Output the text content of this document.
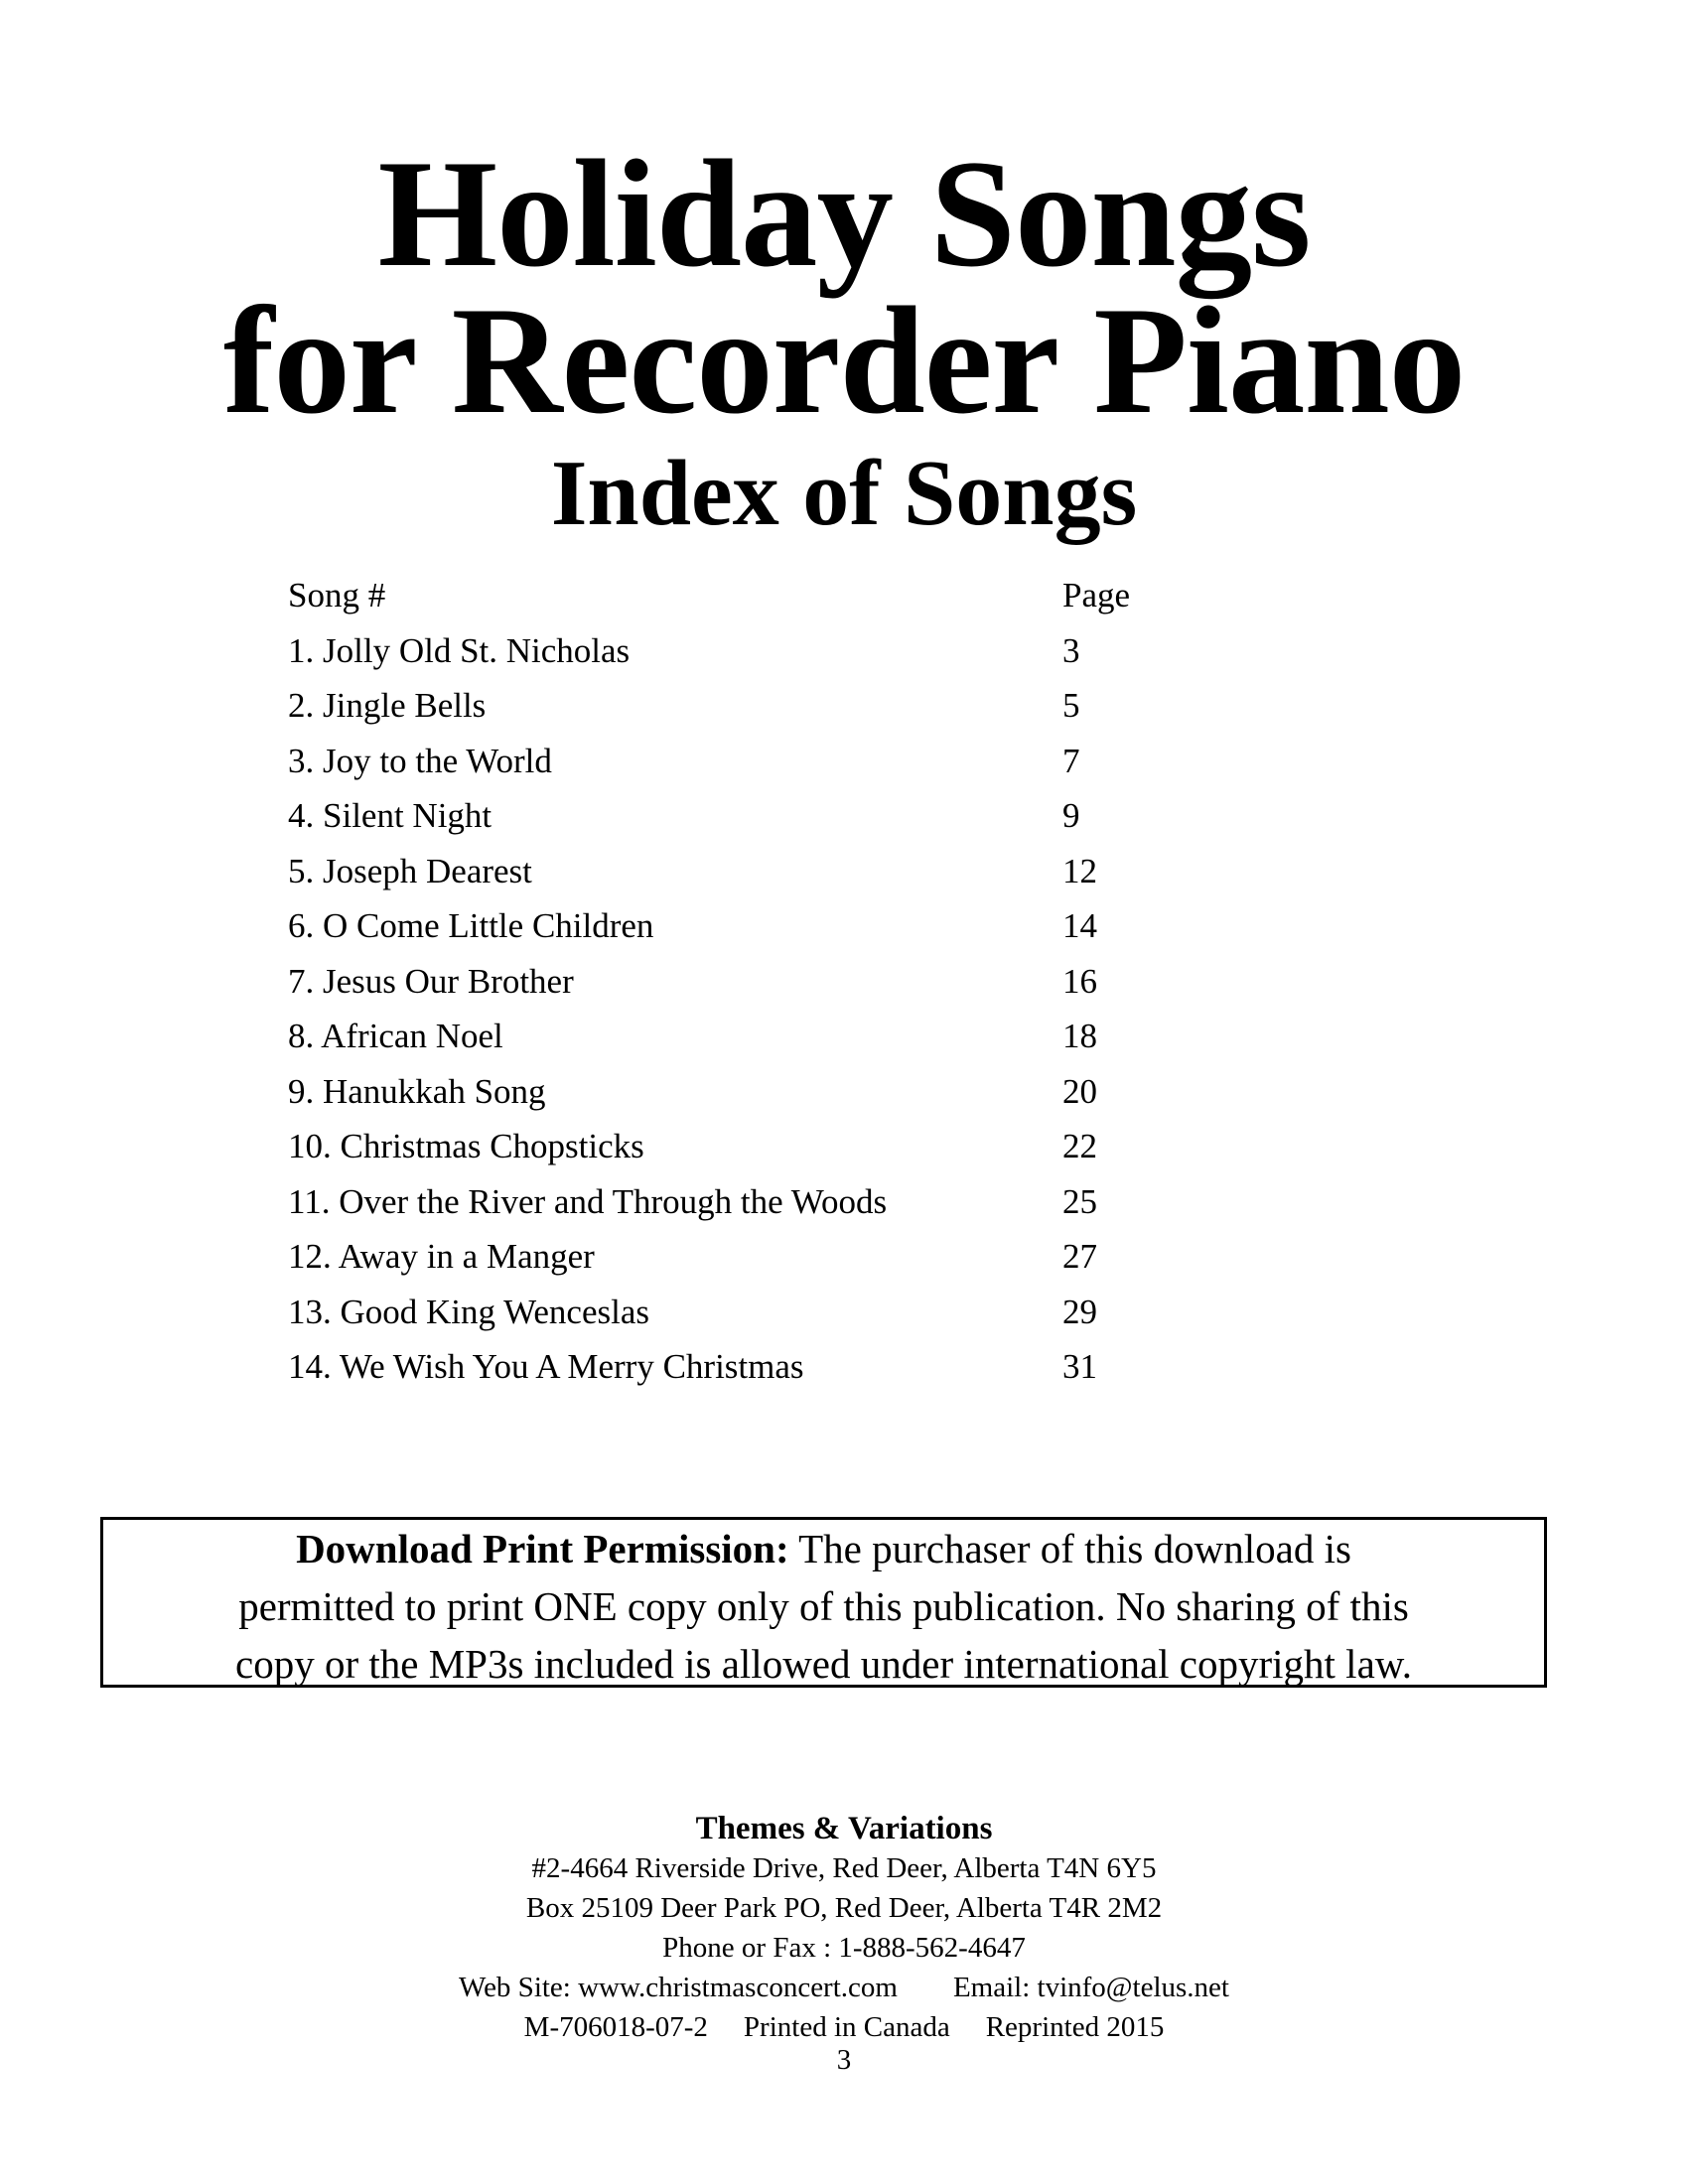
Holiday Songs
for Recorder Piano
Index of Songs
Song #	Page
1. Jolly Old St. Nicholas	3
2. Jingle Bells	5
3. Joy to the World	7
4. Silent Night	9
5. Joseph Dearest	12
6. O Come Little Children	14
7. Jesus Our Brother	16
8. African Noel	18
9. Hanukkah Song	20
10. Christmas Chopsticks	22
11. Over the River and Through the Woods	25
12. Away in a Manger	27
13. Good King Wenceslas	29
14. We Wish You A Merry Christmas	31
Download Print Permission: The purchaser of this download is
permitted to print ONE copy only of this publication. No sharing of this
copy or the MP3s included is allowed under international copyright law.
Themes & Variations
#2-4664 Riverside Drive, Red Deer, Alberta T4N 6Y5
Box 25109 Deer Park PO, Red Deer, Alberta T4R 2M2
Phone or Fax : 1-888-562-4647
Web Site: www.christmasconcert.com Email: tvinfo@telus.net
M-706018-07-2 Printed in Canada Reprinted 2015
3
